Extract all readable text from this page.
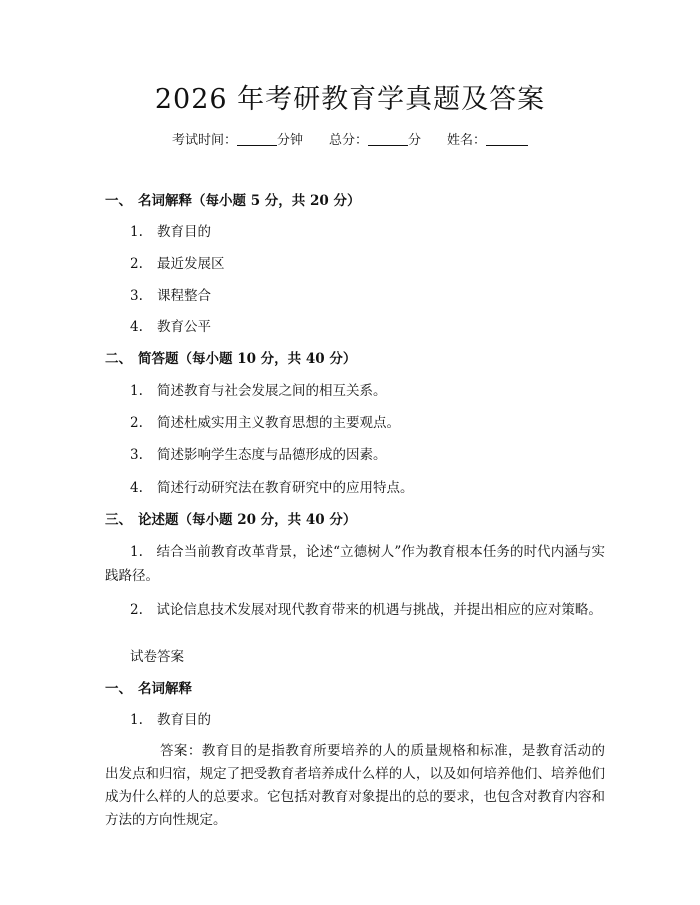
2026 年考研教育学真题及答案
考试时间：	分钟 总分：	分 姓名：
一、 名词解释（每小题 5 分，共 20 分）
1. 教育目的
2. 最近发展区
3. 课程整合
4. 教育公平
二、 简答题（每小题 10 分，共 40 分）
1. 简述教育与社会发展之间的相互关系。
2. 简述杜威实用主义教育思想的主要观点。
3. 简述影响学生态度与品德形成的因素。
4. 简述行动研究法在教育研究中的应用特点。
三、 论述题（每小题 20 分，共 40 分）
1.　结合当前教育改革背景，论述“立德树人”作为教育根本任务的时代内涵与实践路径。
2.　试论信息技术发展对现代教育带来的机遇与挑战，并提出相应的应对策略。
试卷答案
一、 名词解释
1. 教育目的
答案：教育目的是指教育所要培养的人的质量规格和标准，是教育活动的出发点和归宿，规定了把受教育者培养成什么样的人，以及如何培养他们、培养他们成为什么样的人的总要求。它包括对教育对象提出的总的要求，也包含对教育内容和方法的方向性规定。
